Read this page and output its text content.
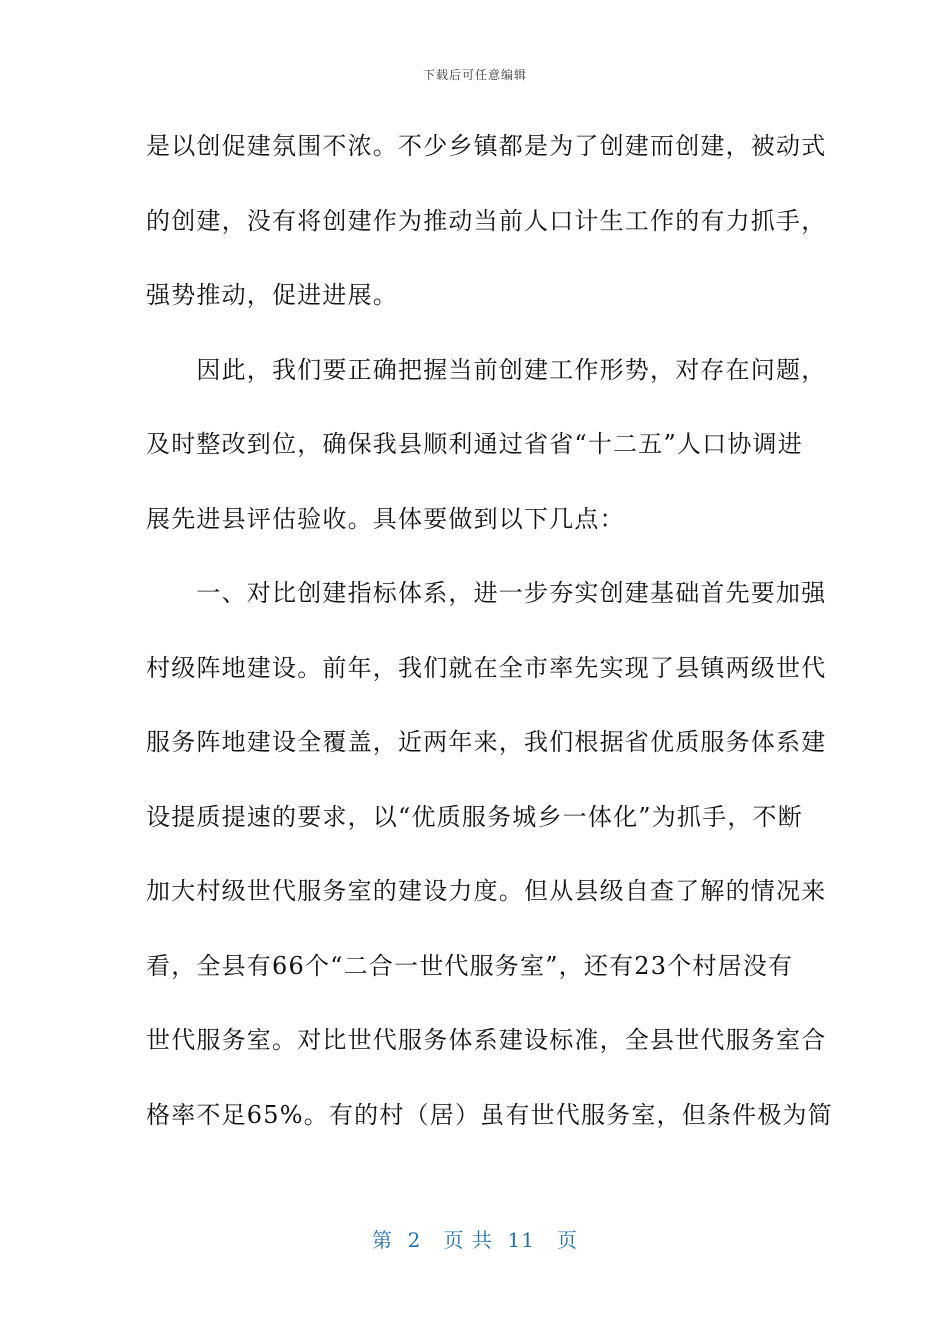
下载后可任意编辑
是以创促建氛围不浓。不少乡镇都是为了创建而创建，被动式
的创建，没有将创建作为推动当前人口计生工作的有力抓手，
强势推动，促进进展。
　　因此，我们要正确把握当前创建工作形势，对存在问题，
及时整改到位，确保我县顺利通过省省“十二五”人口协调进
展先进县评估验收。具体要做到以下几点：
　　一、对比创建指标体系，进一步夯实创建基础首先要加强
村级阵地建设。前年，我们就在全市率先实现了县镇两级世代
服务阵地建设全覆盖，近两年来，我们根据省优质服务体系建
设提质提速的要求，以“优质服务城乡一体化”为抓手，不断
加大村级世代服务室的建设力度。但从县级自查了解的情况来
看，全县有66个“二合一世代服务室”，还有23个村居没有
世代服务室。对比世代服务体系建设标准，全县世代服务室合
格率不足65%。有的村（居）虽有世代服务室，但条件极为简
第  2   页 共  11   页
